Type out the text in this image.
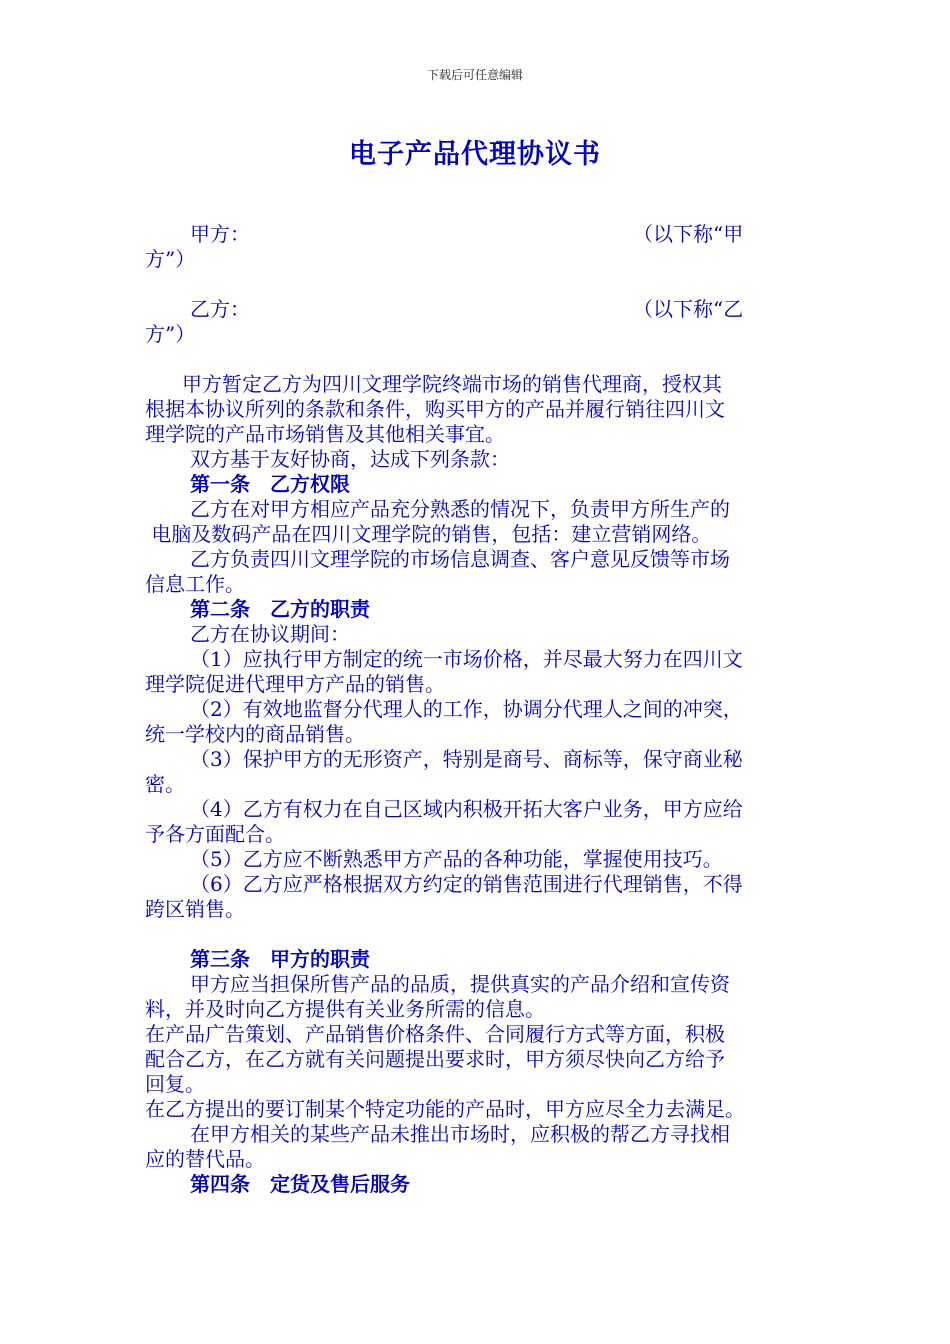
下载后可任意编辑
电子产品代理协议书

甲方：	（以下称“甲

方”）

乙方：	（以下称“乙

方”）

甲方暂定乙方为四川文理学院终端市场的销售代理商，授权其

根据本协议所列的条款和条件，购买甲方的产品并履行销往四川文

理学院的产品市场销售及其他相关事宜。

双方基于友好协商，达成下列条款：

第一条　乙方权限

乙方在对甲方相应产品充分熟悉的情况下，负责甲方所生产的

电脑及数码产品在四川文理学院的销售，包括：建立营销网络。

乙方负责四川文理学院的市场信息调查、客户意见反馈等市场

信息工作。

第二条　乙方的职责

乙方在协议期间：

（1）应执行甲方制定的统一市场价格，并尽最大努力在四川文

理学院促进代理甲方产品的销售。

（2）有效地监督分代理人的工作，协调分代理人之间的冲突，

统一学校内的商品销售。

（3）保护甲方的无形资产，特别是商号、商标等，保守商业秘

密。

（4）乙方有权力在自己区域内积极开拓大客户业务，甲方应给

予各方面配合。

（5）乙方应不断熟悉甲方产品的各种功能，掌握使用技巧。

（6）乙方应严格根据双方约定的销售范围进行代理销售，不得

跨区销售。

第三条　甲方的职责

甲方应当担保所售产品的品质，提供真实的产品介绍和宣传资

料，并及时向乙方提供有关业务所需的信息。

在产品广告策划、产品销售价格条件、合同履行方式等方面，积极

配合乙方，在乙方就有关问题提出要求时，甲方须尽快向乙方给予

回复。

在乙方提出的要订制某个特定功能的产品时，甲方应尽全力去满足。

在甲方相关的某些产品未推出市场时，应积极的帮乙方寻找相

应的替代品。

第四条　定货及售后服务
